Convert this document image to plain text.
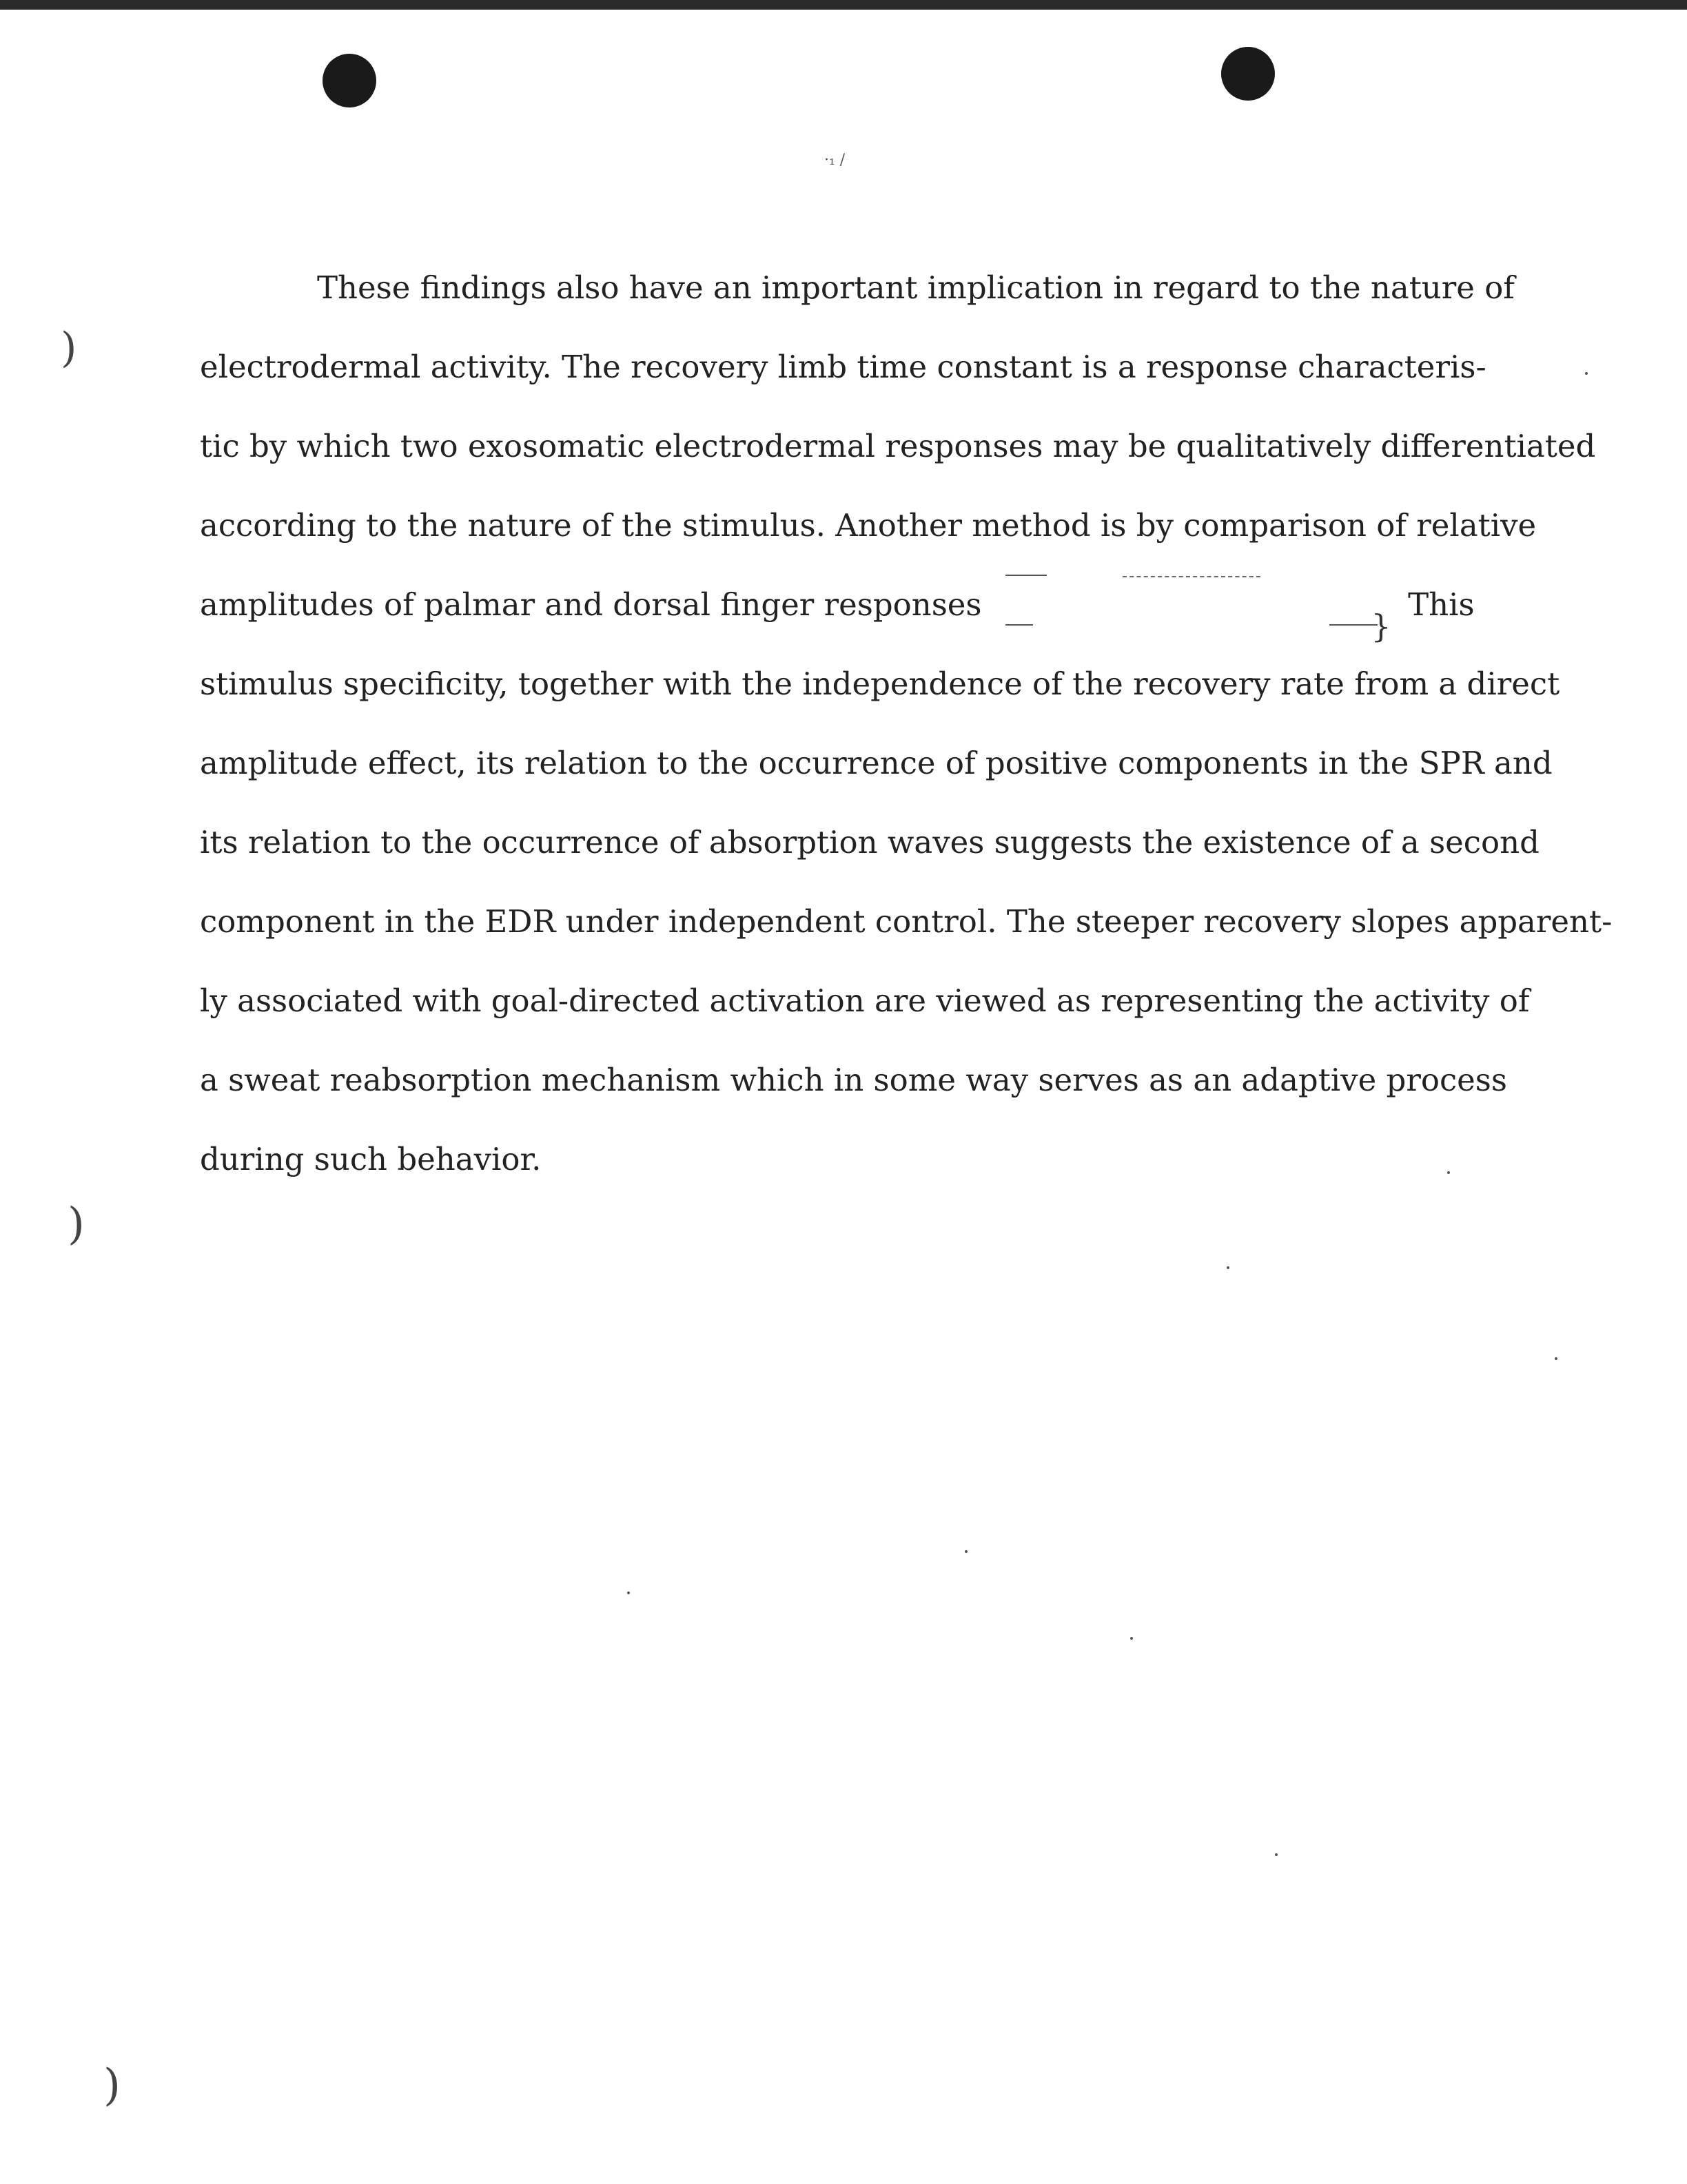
·₁ /
)
)
)
These findings also have an important implication in regard to the nature of
electrodermal activity. The recovery limb time constant is a response characteris-
tic by which two exosomatic electrodermal responses may be qualitatively differentiated
according to the nature of the stimulus. Another method is by comparison of relative
amplitudes of palmar and dorsal finger responses
}
This
stimulus specificity, together with the independence of the recovery rate from a direct
amplitude effect, its relation to the occurrence of positive components in the SPR and
its relation to the occurrence of absorption waves suggests the existence of a second
component in the EDR under independent control. The steeper recovery slopes apparent-
ly associated with goal-directed activation are viewed as representing the activity of
a sweat reabsorption mechanism which in some way serves as an adaptive process
during such behavior.
